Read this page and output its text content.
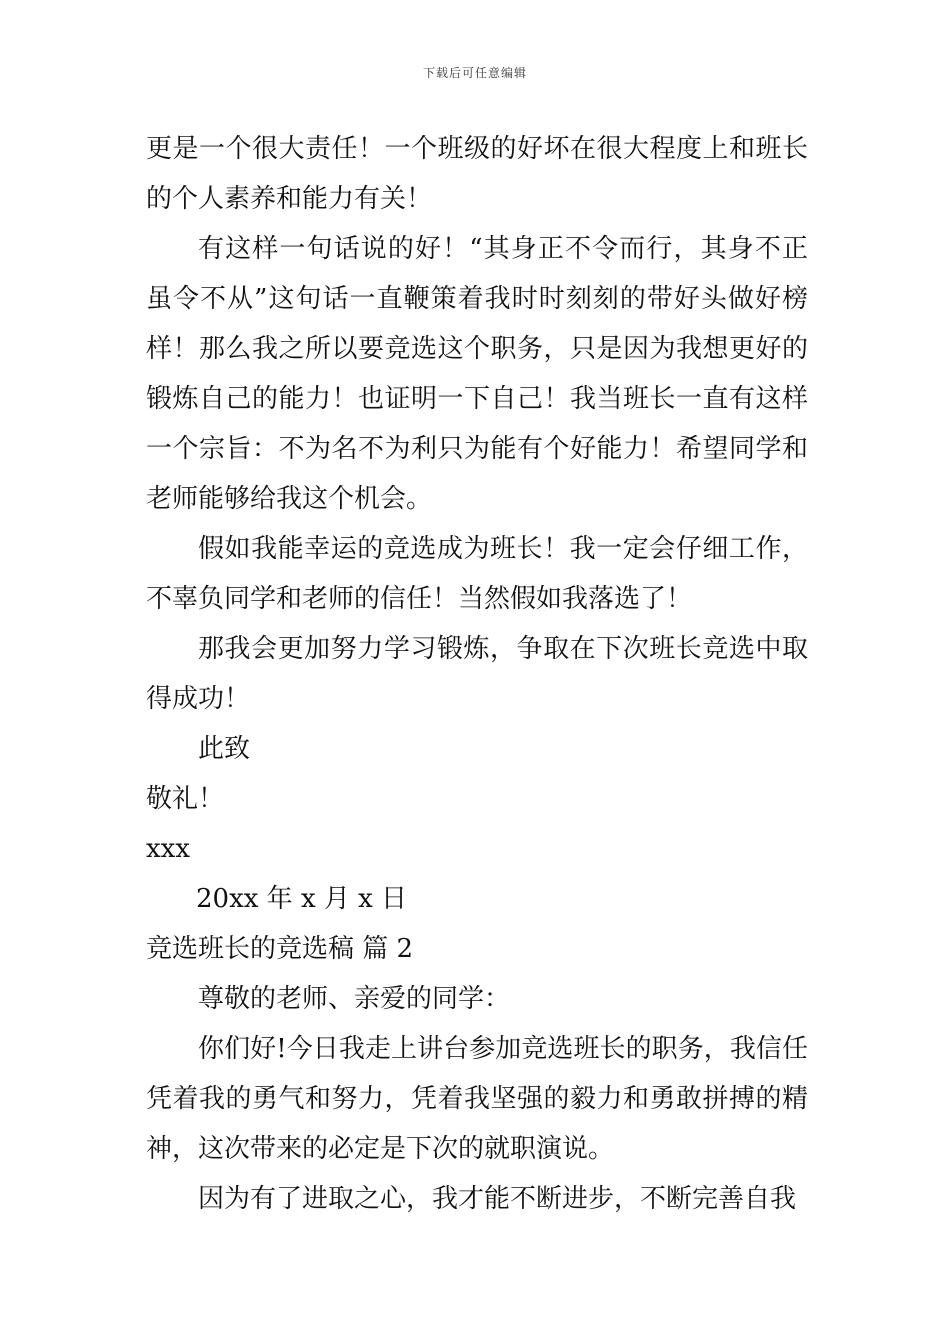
下载后可任意编辑

更是一个很大责任！一个班级的好坏在很大程度上和班长的个人素养和能力有关！

有这样一句话说的好！“其身正不令而行，其身不正虽令不从”这句话一直鞭策着我时时刻刻的带好头做好榜样！那么我之所以要竞选这个职务，只是因为我想更好的锻炼自己的能力！也证明一下自己！我当班长一直有这样一个宗旨：不为名不为利只为能有个好能力！希望同学和老师能够给我这个机会。

假如我能幸运的竞选成为班长！我一定会仔细工作，不辜负同学和老师的信任！当然假如我落选了！

那我会更加努力学习锻炼，争取在下次班长竞选中取得成功！

此致

敬礼！

xxx

20xx 年 x 月 x 日

竞选班长的竞选稿 篇 2

尊敬的老师、亲爱的同学：

你们好!今日我走上讲台参加竞选班长的职务，我信任凭着我的勇气和努力，凭着我坚强的毅力和勇敢拼搏的精神，这次带来的必定是下次的就职演说。

因为有了进取之心，我才能不断进步，不断完善自我
